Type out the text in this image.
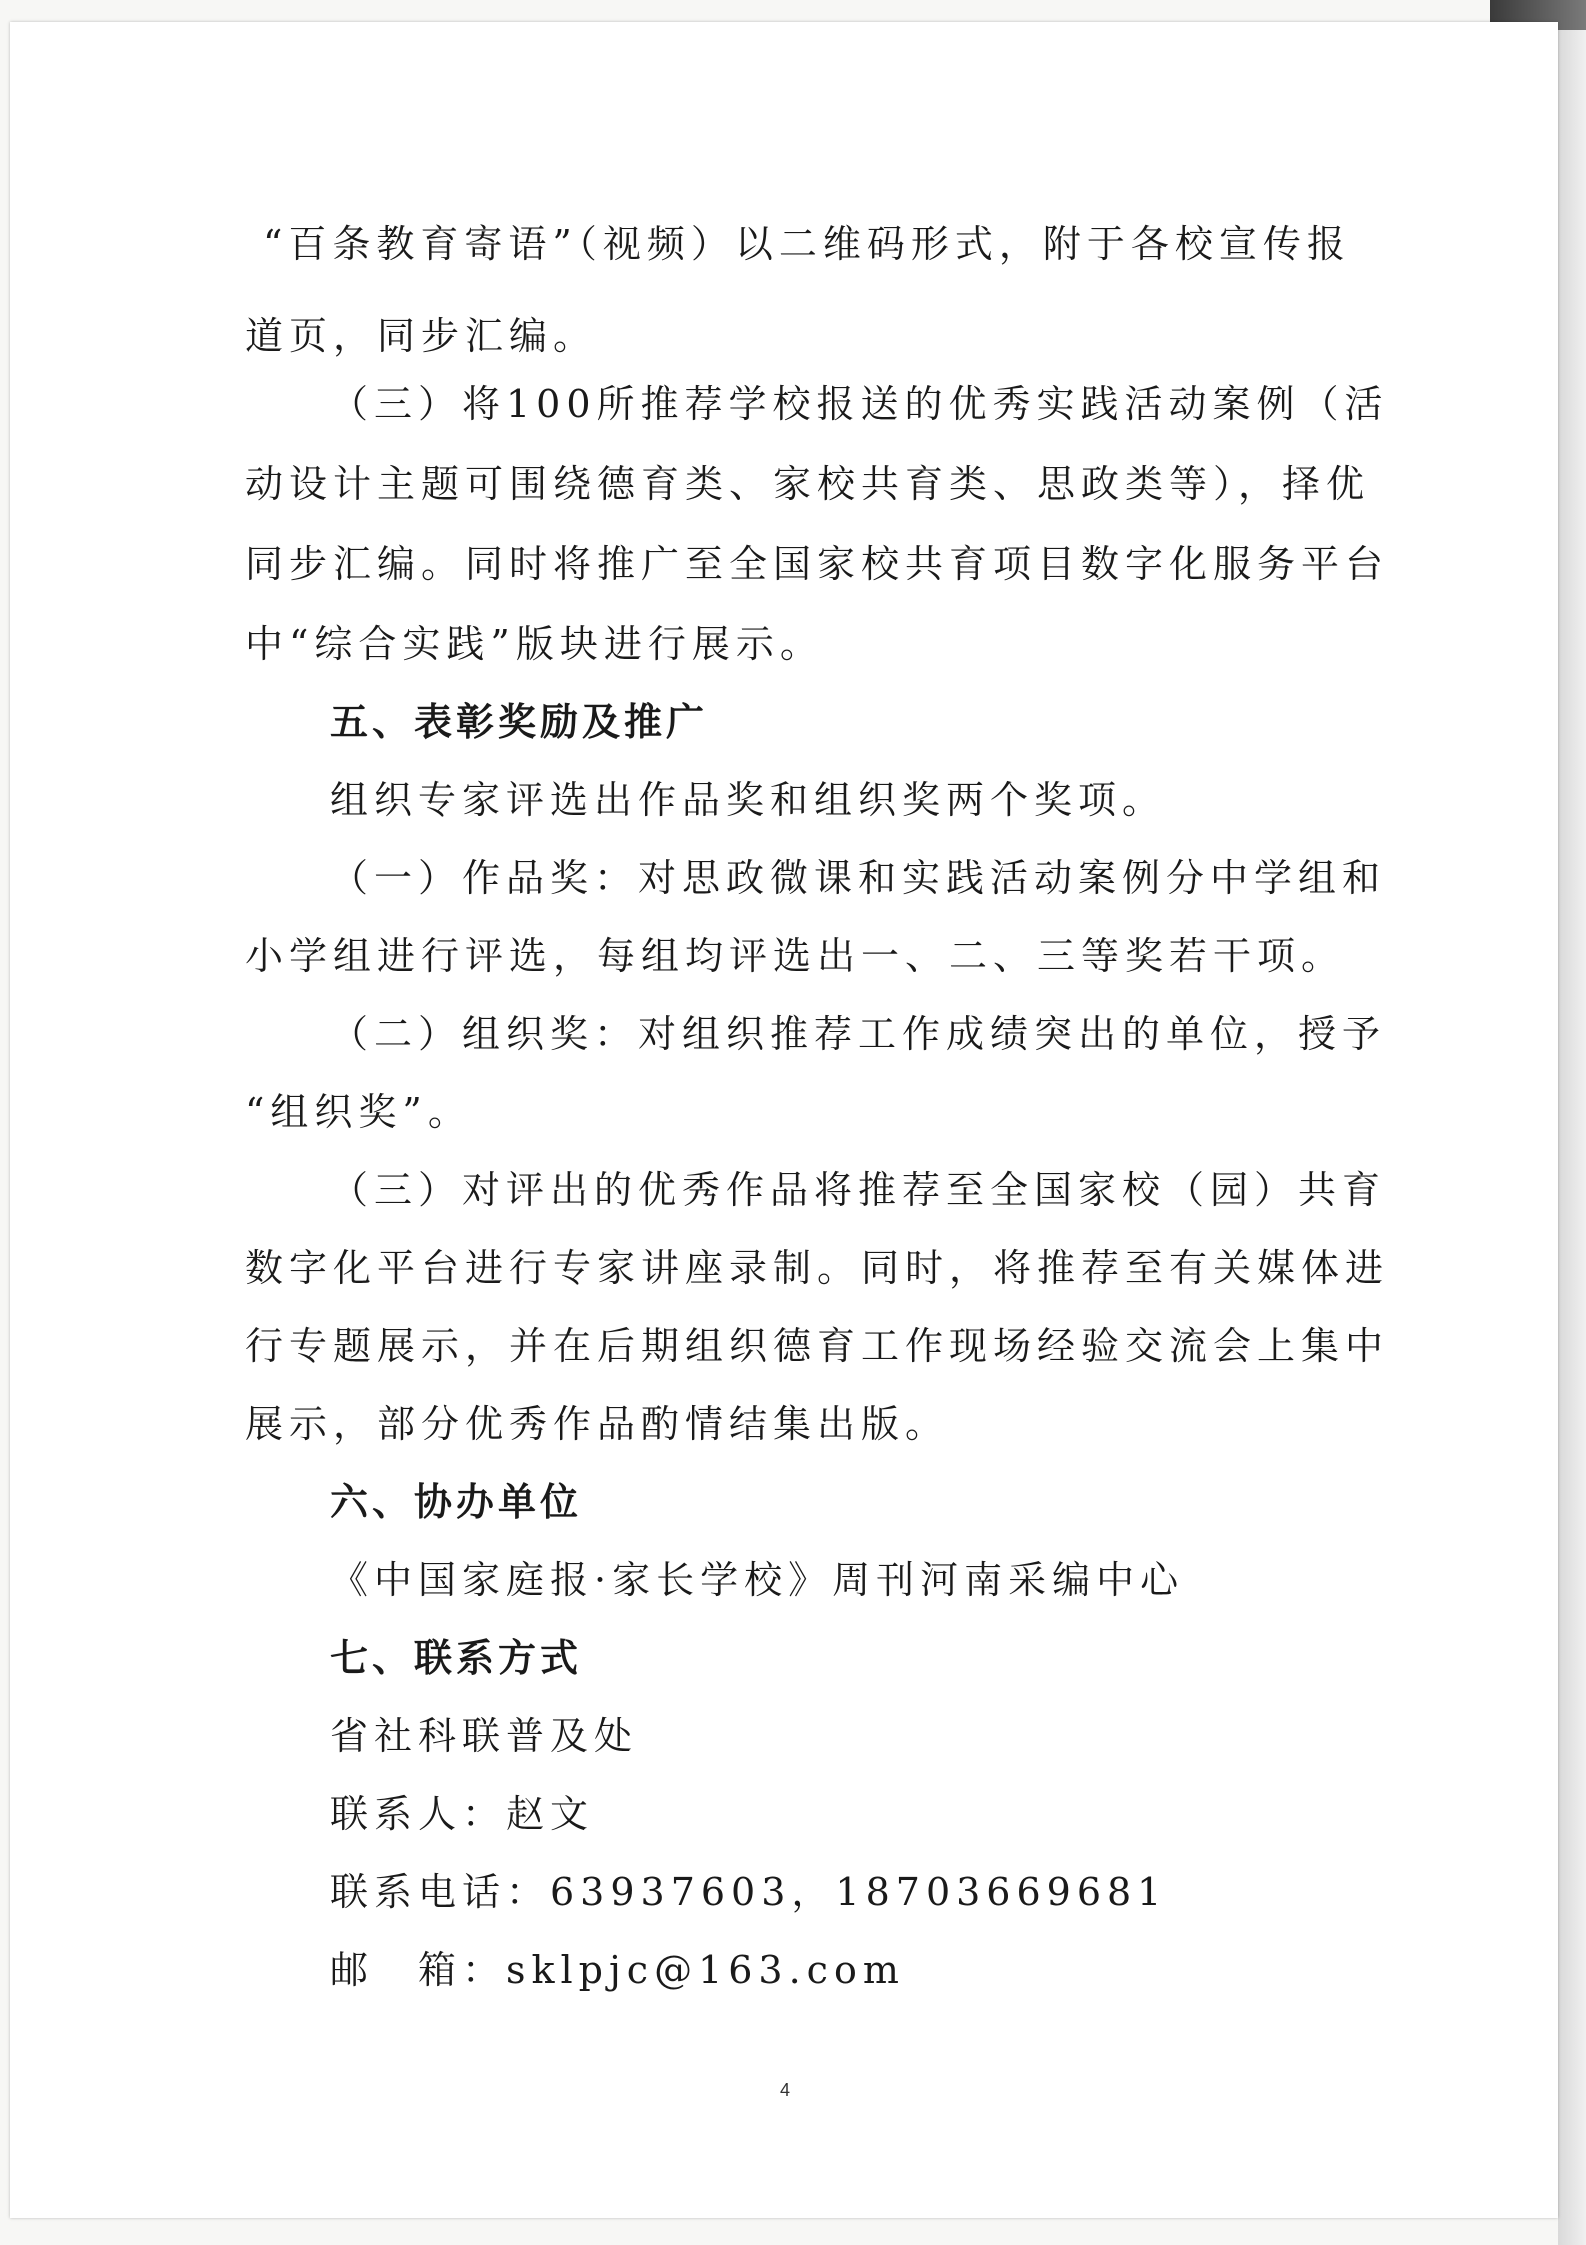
“百条教育寄语”（视频）以二维码形式，附于各校宣传报
道页，同步汇编。
（三）将100所推荐学校报送的优秀实践活动案例（活
动设计主题可围绕德育类、家校共育类、思政类等），择优
同步汇编。同时将推广至全国家校共育项目数字化服务平台
中“综合实践”版块进行展示。
五、表彰奖励及推广
组织专家评选出作品奖和组织奖两个奖项。
（一）作品奖：对思政微课和实践活动案例分中学组和
小学组进行评选，每组均评选出一、二、三等奖若干项。
（二）组织奖：对组织推荐工作成绩突出的单位，授予
“组织奖”。
（三）对评出的优秀作品将推荐至全国家校（园）共育
数字化平台进行专家讲座录制。同时，将推荐至有关媒体进
行专题展示，并在后期组织德育工作现场经验交流会上集中
展示，部分优秀作品酌情结集出版。
六、协办单位
《中国家庭报·家长学校》周刊河南采编中心
七、联系方式
省社科联普及处
联系人：赵文
联系电话：63937603，18703669681
邮　箱：sklpjc@163.com
4
